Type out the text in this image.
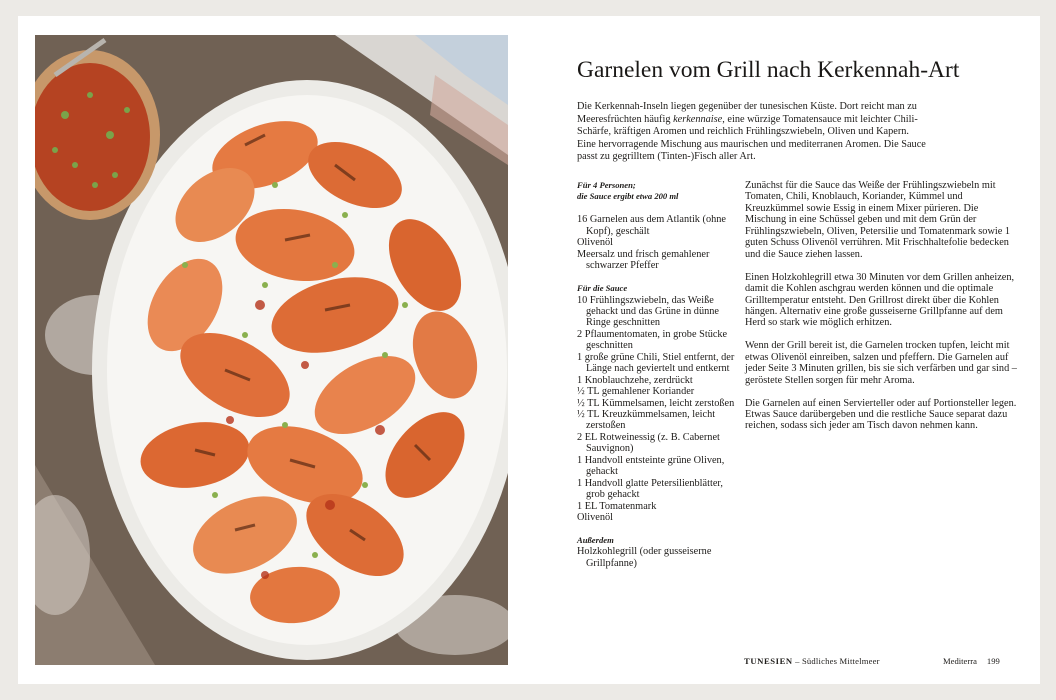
Garnelen vom Grill nach Kerkennah-Art

Die Kerkennah-Inseln liegen gegenüber der tunesischen Küste. Dort reicht man zu Meeresfrüchten häufig kerkennaise, eine würzige Tomatensauce mit leichter Chili-Schärfe, kräftigen Aromen und reichlich Frühlingszwiebeln, Oliven und Kapern. Eine hervorragende Mischung aus maurischen und mediterranen Aromen. Die Sauce passt zu gegrilltem (Tinten-)Fisch aller Art.

Für 4 Personen;
die Sauce ergibt etwa 200 ml

16 Garnelen aus dem Atlantik (ohne Kopf), geschält

Olivenöl

Meersalz und frisch gemahlener schwarzer Pfeffer

Für die Sauce

10 Frühlingszwiebeln, das Weiße gehackt und das Grüne in dünne Ringe geschnitten

2 Pflaumentomaten, in grobe Stücke geschnitten

1 große grüne Chili, Stiel entfernt, der Länge nach geviertelt und entkernt

1 Knoblauchzehe, zerdrückt

½ TL gemahlener Koriander

½ TL Kümmelsamen, leicht zerstoßen

½ TL Kreuzkümmelsamen, leicht zerstoßen

2 EL Rotweinessig (z. B. Cabernet Sauvignon)

1 Handvoll entsteinte grüne Oliven, gehackt

1 Handvoll glatte Petersilienblätter, grob gehackt

1 EL Tomatenmark

Olivenöl

Außerdem

Holzkohlegrill (oder gusseiserne Grillpfanne)

Zunächst für die Sauce das Weiße der Frühlingszwiebeln mit Tomaten, Chili, Knoblauch, Koriander, Kümmel und Kreuzkümmel sowie Essig in einem Mixer pürieren. Die Mischung in eine Schüssel geben und mit dem Grün der Frühlingszwiebeln, Oliven, Petersilie und Tomatenmark sowie 1 guten Schuss Olivenöl verrühren. Mit Frischhaltefolie bedecken und die Sauce ziehen lassen.

Einen Holzkohlegrill etwa 30 Minuten vor dem Grillen anheizen, damit die Kohlen aschgrau werden können und die optimale Grilltemperatur entsteht. Den Grillrost direkt über die Kohlen hängen. Alternativ eine große gusseiserne Grillpfanne auf dem Herd so stark wie möglich erhitzen.

Wenn der Grill bereit ist, die Garnelen trocken tupfen, leicht mit etwas Olivenöl einreiben, salzen und pfeffern. Die Garnelen auf jeder Seite 3 Minuten grillen, bis sie sich verfärben und gar sind – geröstete Stellen sorgen für mehr Aroma.

Die Garnelen auf einen Servierteller oder auf Portionsteller legen. Etwas Sauce darübergeben und die restliche Sauce separat dazu reichen, sodass sich jeder am Tisch davon nehmen kann.

TUNESIEN – Südliches Mittelmeer	Mediterra 199
